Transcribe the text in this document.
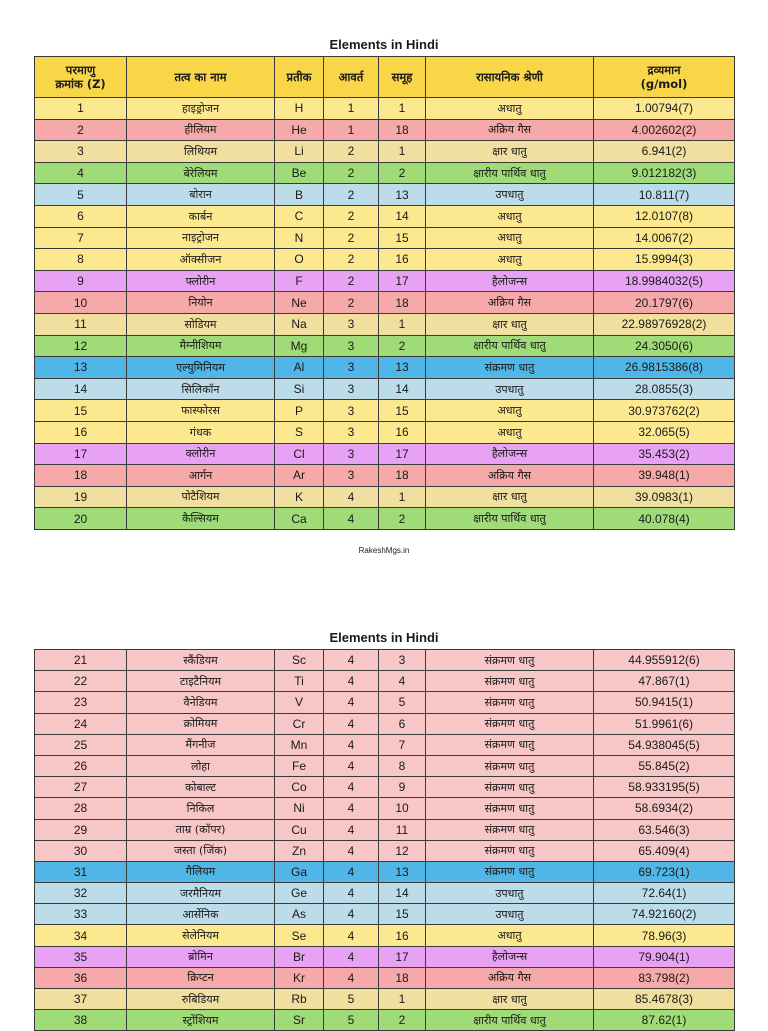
Elements in Hindi
परमाणु
क्रमांक (Z)	तत्व का नाम	प्रतीक	आवर्त	समूह	रासायनिक श्रेणी	द्रव्यमान
(g/mol)
1	हाइड्रोजन	H	1	1	अधातु	1.00794(7)
2	हीलियम	He	1	18	अक्रिय गैस	4.002602(2)
3	लिथियम	Li	2	1	क्षार धातु	6.941(2)
4	बेरेलियम	Be	2	2	क्षारीय पार्थिव धातु	9.012182(3)
5	बोरान	B	2	13	उपधातु	10.811(7)
6	कार्बन	C	2	14	अधातु	12.0107(8)
7	नाइट्रोजन	N	2	15	अधातु	14.0067(2)
8	ऑक्सीजन	O	2	16	अधातु	15.9994(3)
9	फ्लोरीन	F	2	17	हैलोजन्स	18.9984032(5)
10	नियोन	Ne	2	18	अक्रिय गैस	20.1797(6)
11	सोडियम	Na	3	1	क्षार धातु	22.98976928(2)
12	मैग्नीशियम	Mg	3	2	क्षारीय पार्थिव धातु	24.3050(6)
13	एल्युमिनियम	Al	3	13	संक्रमण धातु	26.9815386(8)
14	सिलिकॉन	Si	3	14	उपधातु	28.0855(3)
15	फास्फोरस	P	3	15	अधातु	30.973762(2)
16	गंधक	S	3	16	अधातु	32.065(5)
17	क्लोरीन	Cl	3	17	हैलोजन्स	35.453(2)
18	आर्गन	Ar	3	18	अक्रिय गैस	39.948(1)
19	पोटैशियम	K	4	1	क्षार धातु	39.0983(1)
20	कैल्सियम	Ca	4	2	क्षारीय पार्थिव धातु	40.078(4)
RakeshMgs.in
Elements in Hindi
21	स्कैंडियम	Sc	4	3	संक्रमण धातु	44.955912(6)
22	टाइटैनियम	Ti	4	4	संक्रमण धातु	47.867(1)
23	वैनेडियम	V	4	5	संक्रमण धातु	50.9415(1)
24	क्रोमियम	Cr	4	6	संक्रमण धातु	51.9961(6)
25	मैंगनीज	Mn	4	7	संक्रमण धातु	54.938045(5)
26	लोहा	Fe	4	8	संक्रमण धातु	55.845(2)
27	कोबाल्ट	Co	4	9	संक्रमण धातु	58.933195(5)
28	निकिल	Ni	4	10	संक्रमण धातु	58.6934(2)
29	ताम्र (कॉपर)	Cu	4	11	संक्रमण धातु	63.546(3)
30	जस्ता (जिंक)	Zn	4	12	संक्रमण धातु	65.409(4)
31	गैलियम	Ga	4	13	संक्रमण धातु	69.723(1)
32	जरमैनियम	Ge	4	14	उपधातु	72.64(1)
33	आर्सेनिक	As	4	15	उपधातु	74.92160(2)
34	सेलेनियम	Se	4	16	अधातु	78.96(3)
35	ब्रोमिन	Br	4	17	हैलोजन्स	79.904(1)
36	क्रिप्टन	Kr	4	18	अक्रिय गैस	83.798(2)
37	रुबिडियम	Rb	5	1	क्षार धातु	85.4678(3)
38	स्ट्रोंशियम	Sr	5	2	क्षारीय पार्थिव धातु	87.62(1)
